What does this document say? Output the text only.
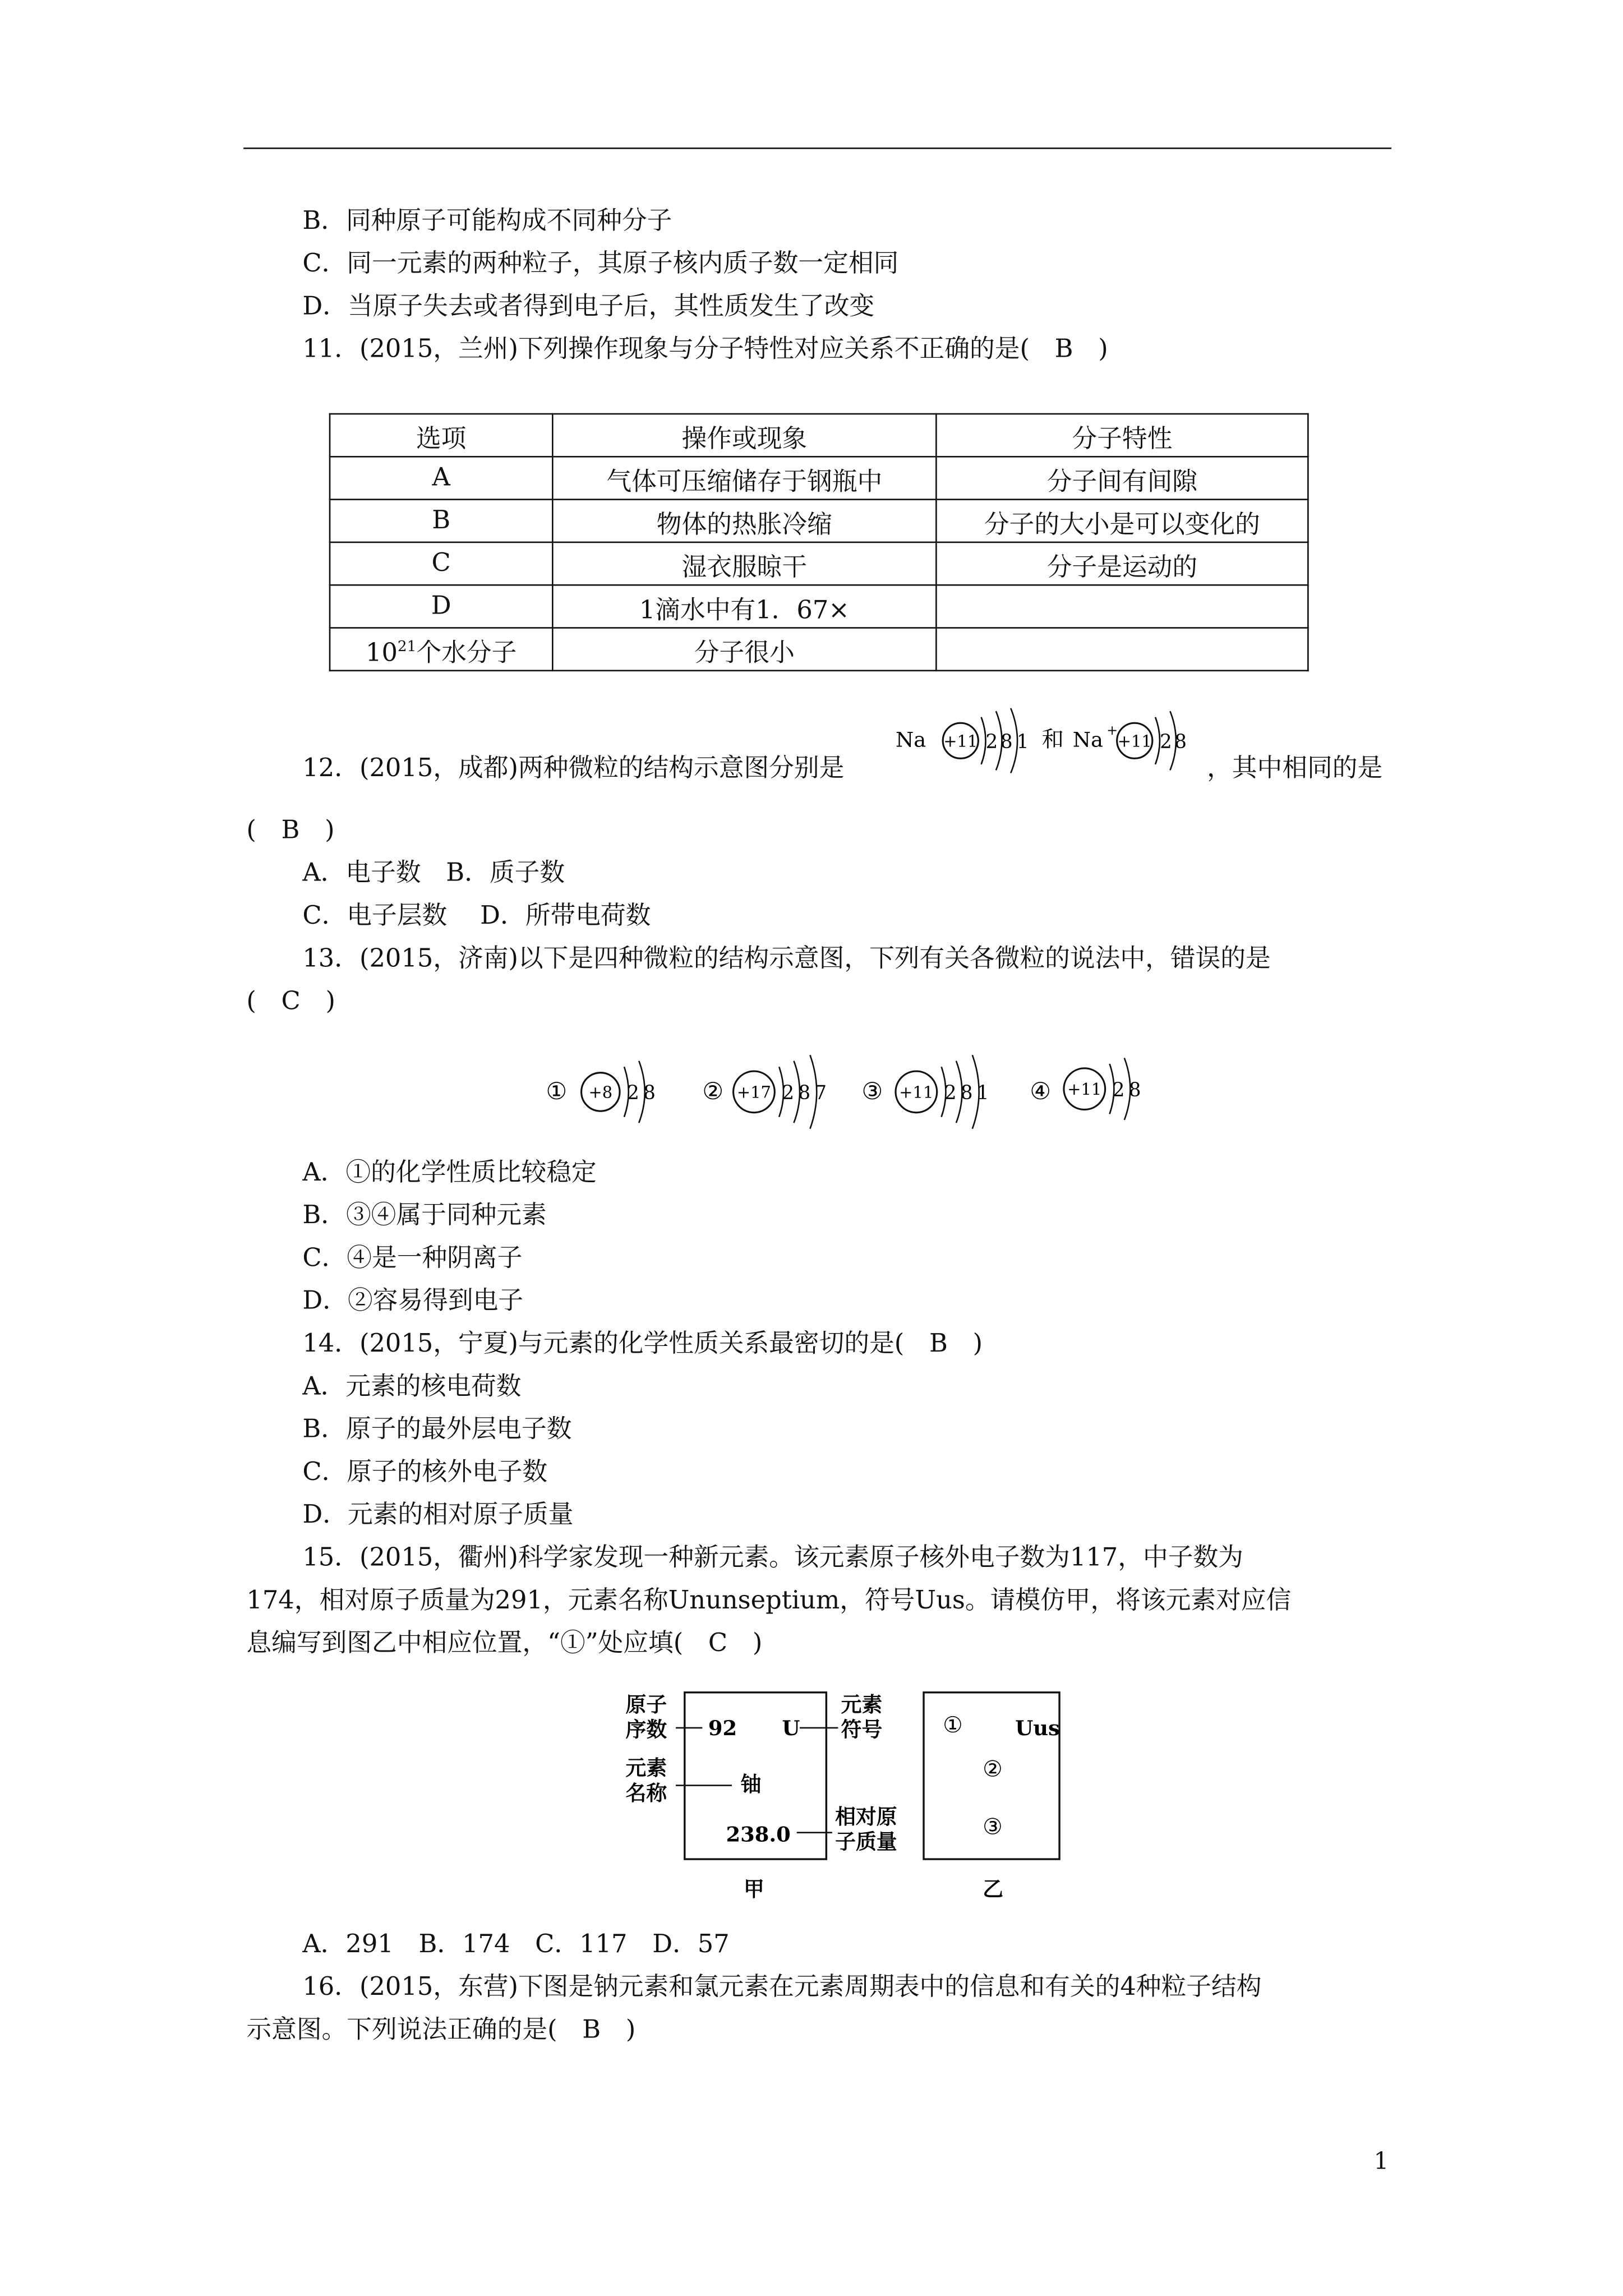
B．同种原子可能构成不同种分子
C．同一元素的两种粒子，其原子核内质子数一定相同
D．当原子失去或者得到电子后，其性质发生了改变
11．(2015，兰州)下列操作现象与分子特性对应关系不正确的是(　B　)
选项	操作或现象	分子特性
A	气体可压缩储存于钢瓶中	分子间有间隙
B	物体的热胀冷缩	分子的大小是可以变化的
C	湿衣服晾干	分子是运动的
D	1滴水中有1．67×	
$10^{21}$个水分子	分子很小	
12．(2015，成都)两种微粒的结构示意图分别是
Na	+11 2 8 1 和 Na +
+11 2 8
，其中相同的是
(　B　)
A．电子数　B．质子数
C．电子层数　 D．所带电荷数
13．(2015，济南)以下是四种微粒的结构示意图，下列有关各微粒的说法中，错误的是
(　C　)
①	+8 2 8	② +17 2 8 7	③	+11 2 8 1	④	+11 2 8
A．①的化学性质比较稳定
B．③④属于同种元素
C．④是一种阴离子
D．②容易得到电子
14．(2015，宁夏)与元素的化学性质关系最密切的是(　B　)
A．元素的核电荷数
B．原子的最外层电子数
C．原子的核外电子数
D．元素的相对原子质量
15．(2015，衢州)科学家发现一种新元素。该元素原子核外电子数为117，中子数为
174，相对原子质量为291，元素名称Ununseptium，符号Uus。请模仿甲，将该元素对应信
息编写到图乙中相应位置，“①”处应填(　C　)
原子
序数
元素
名称
92	U
铀
238.0
甲
元素
符号
相对原
子质量
①	Uus
②
③
乙
A．291　B．174　C．117　D．57
16．(2015，东营)下图是钠元素和氯元素在元素周期表中的信息和有关的4种粒子结构
示意图。下列说法正确的是(　B　)
1
